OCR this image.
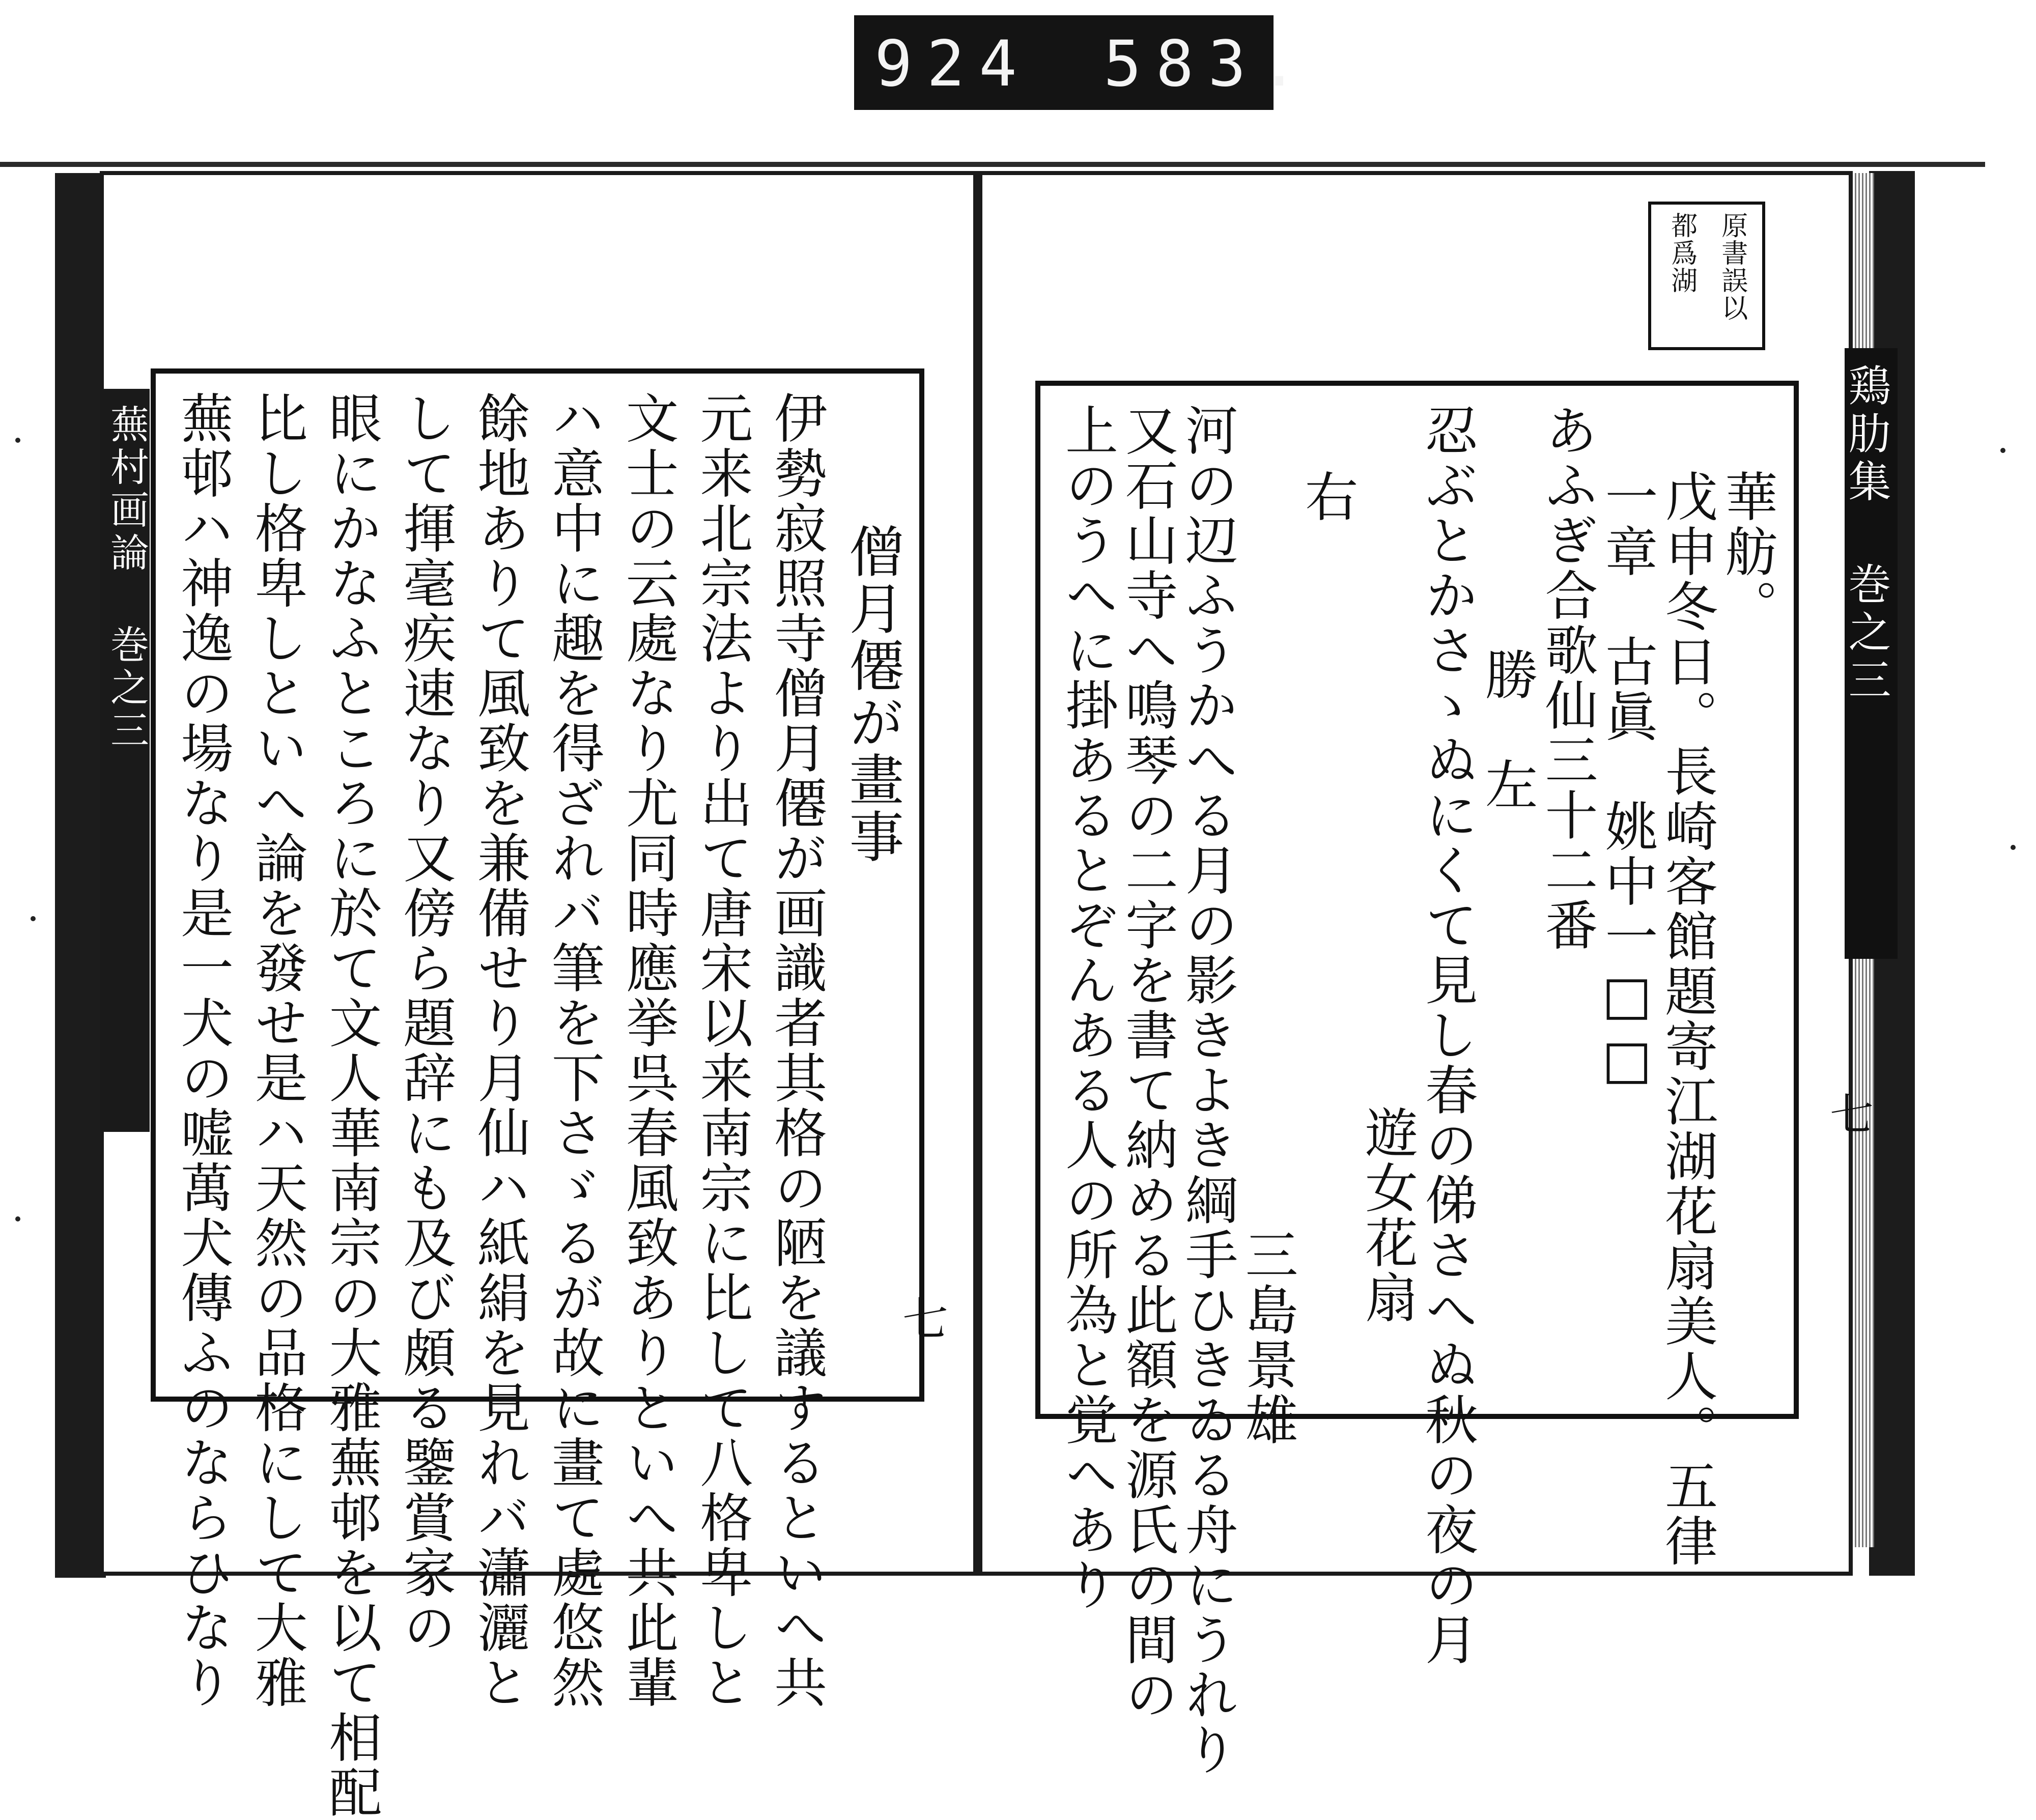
924 583.
蕪村画論 巻之三	僧月僊が畫事
伊勢寂照寺僧月僊が画識者其格の陋を議するといへ共
元来北宗法より出て唐宋以来南宗に比して八格卑しと
文士の云處なり尤同時應挙呉春風致ありといへ共此輩
ハ意中に趣を得ざれバ筆を下さゞるが故に畫て處悠然
餘地ありて風致を兼備せり月仙ハ紙絹を見れバ瀟灑と
して揮毫疾速なり又傍ら題辞にも及び頗る鑒賞家の
眼にかなふところに於て文人華南宗の大雅蕪邨を以て相配
比し格卑しといへ論を發せ是ハ天然の品格にして大雅
蕪邨ハ神逸の場なり是一犬の嘘萬犬傳ふのならひなり	七
原書誤以
都爲湖
華舫。
戊申冬日。長崎客館題寄江湖花扇美人。五律
一章　古眞　姚中一□□
あふぎ合歌仙三十二番
勝　左
忍ぶとかさゝぬにくて見し春の俤さへぬ秋の夜の月
遊女花扇
右
三島景雄
河の辺ふうかへる月の影きよき綱手ひきゐる舟にうれり
又石山寺へ鳴琴の二字を書て納める此額を源氏の間の
上のうへに掛あるとぞんある人の所為と覚へあり	鶏肋集 巻之三
七
